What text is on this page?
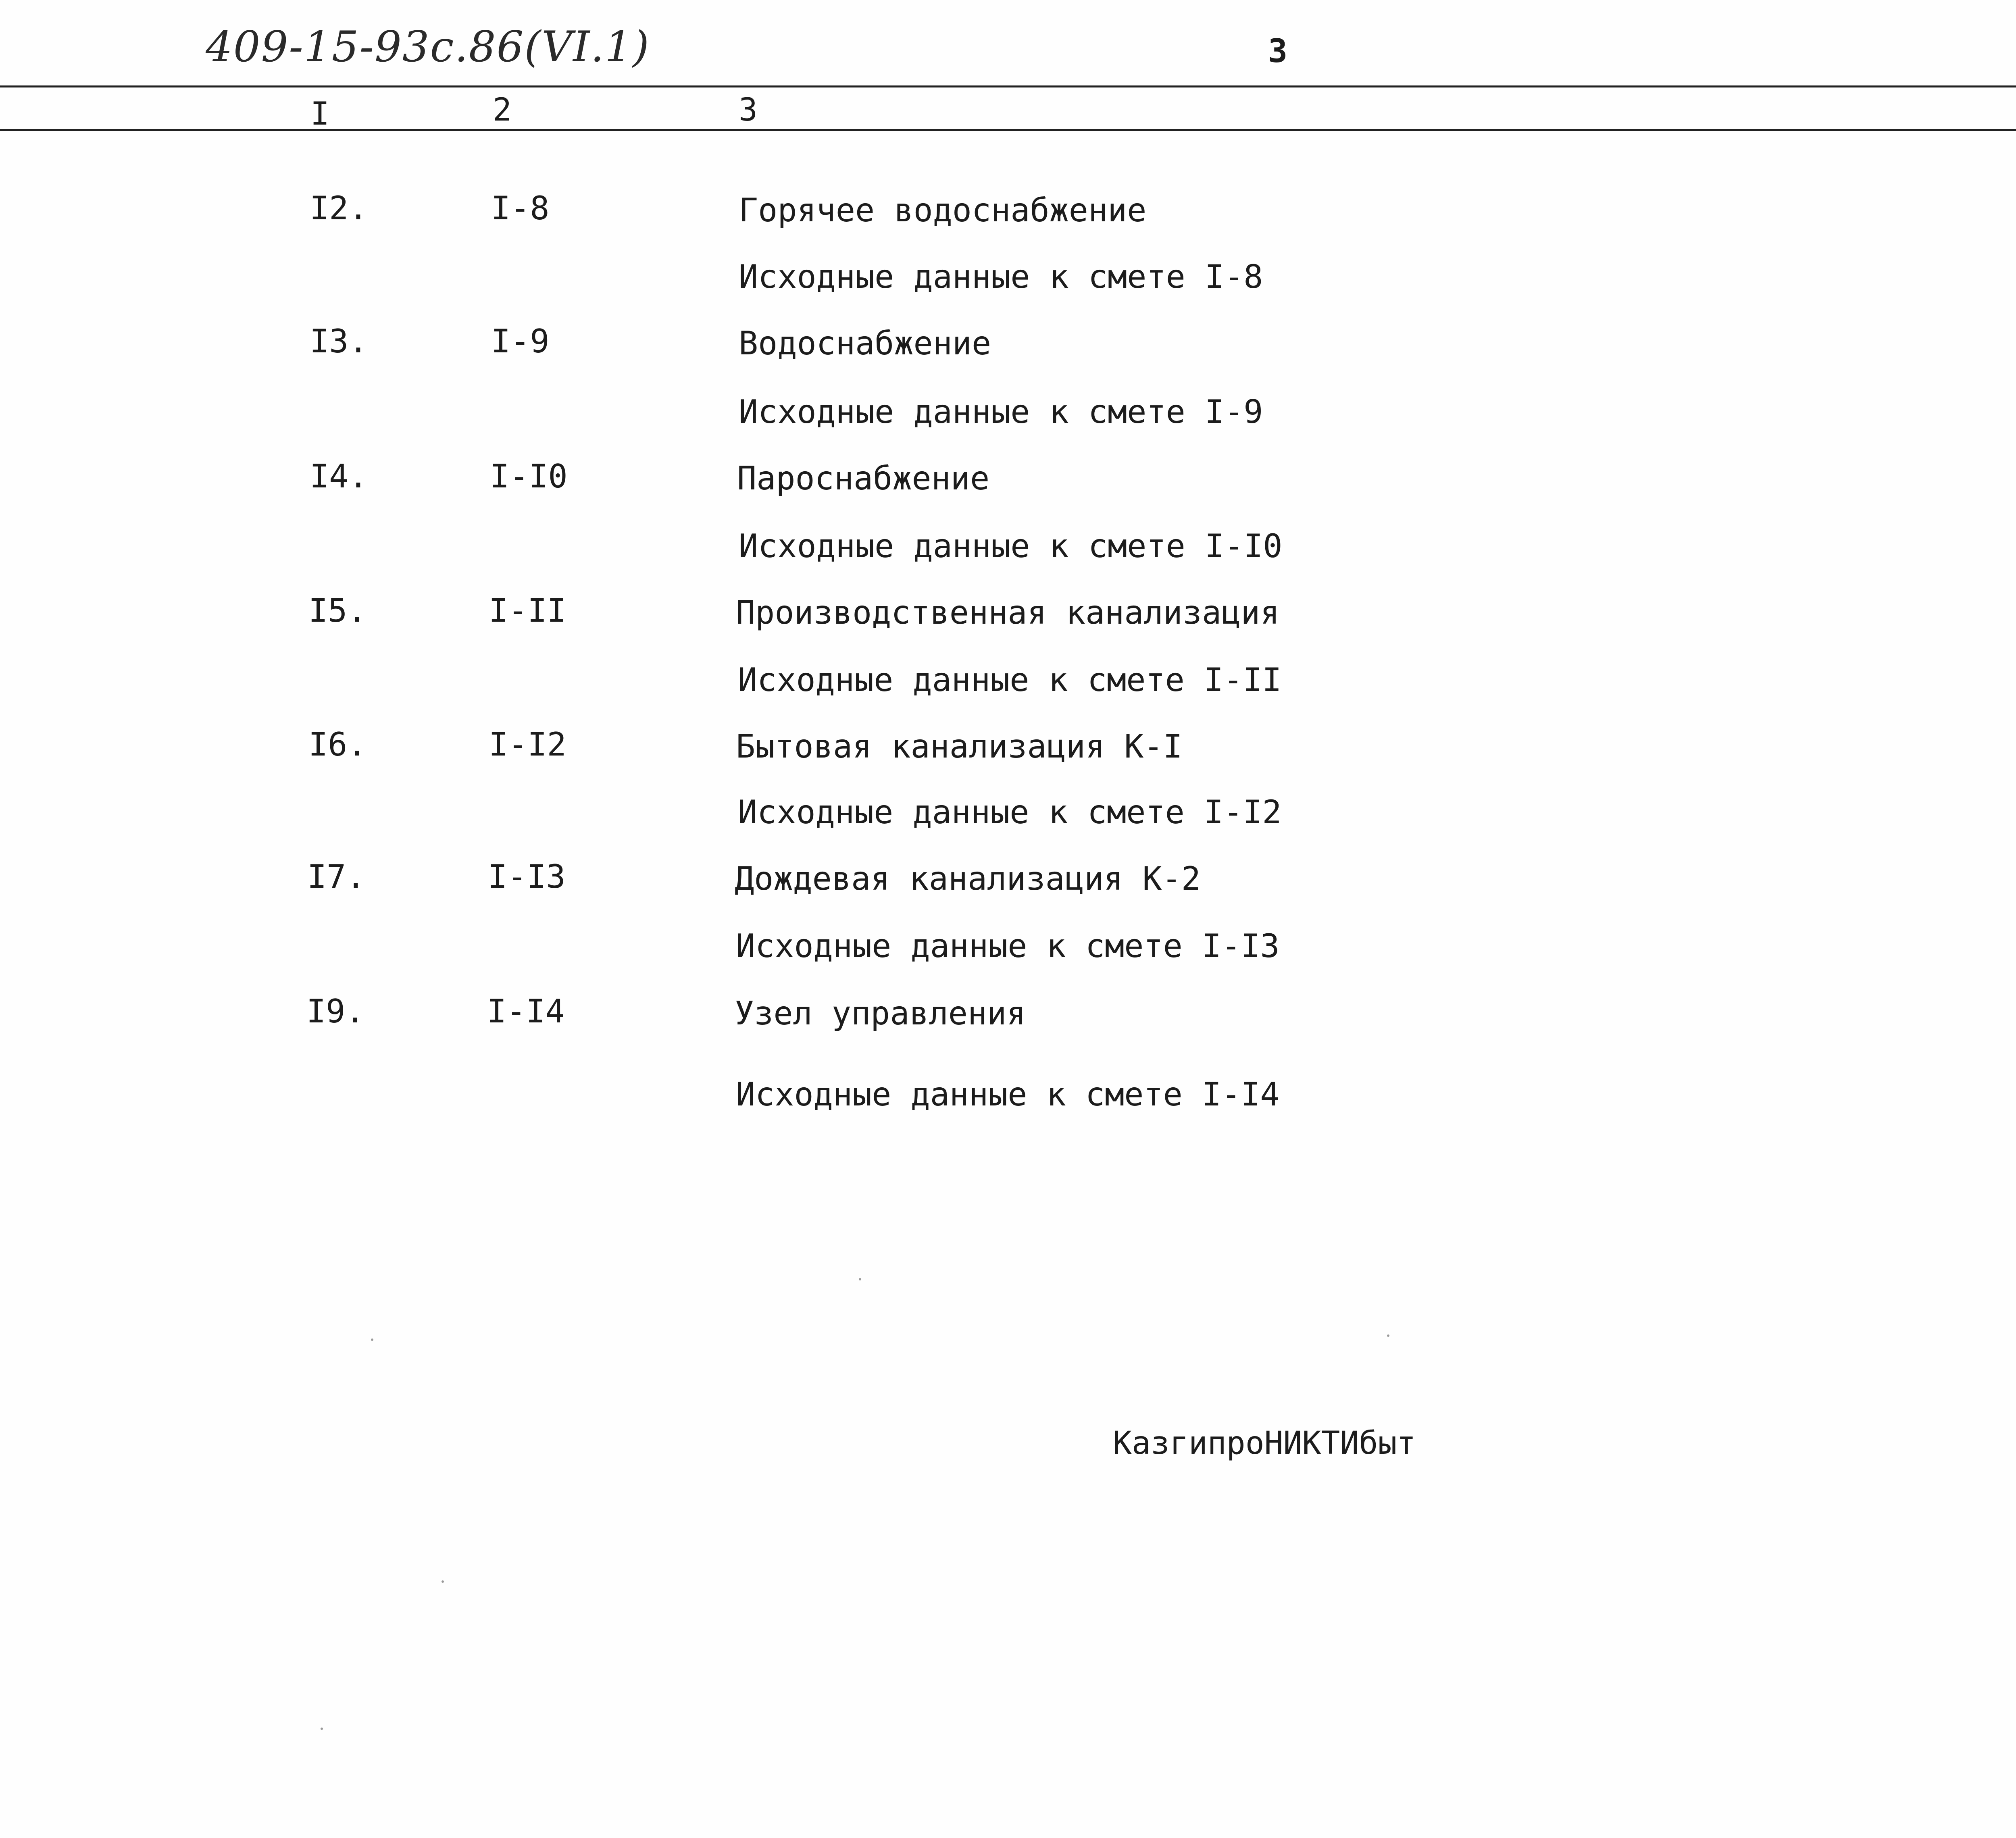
409-15-93с.86(VI.1)	3
I	2	3
I2.	I-8	Горячее водоснабжение
Исходные данные к смете I-8
I3.	I-9	Водоснабжение
Исходные данные к смете I-9
I4.	I-I0	Пароснабжение
Исходные данные к смете I-I0
I5.	I-II	Производственная канализация
Исходные данные к смете I-II
I6.	I-I2	Бытовая канализация К-I
Исходные данные к смете I-I2
I7.	I-I3	Дождевая канализация К-2
Исходные данные к смете I-I3
I9.	I-I4	Узел управления
Исходные данные к смете I-I4
КазгипроНИКТИбыт
